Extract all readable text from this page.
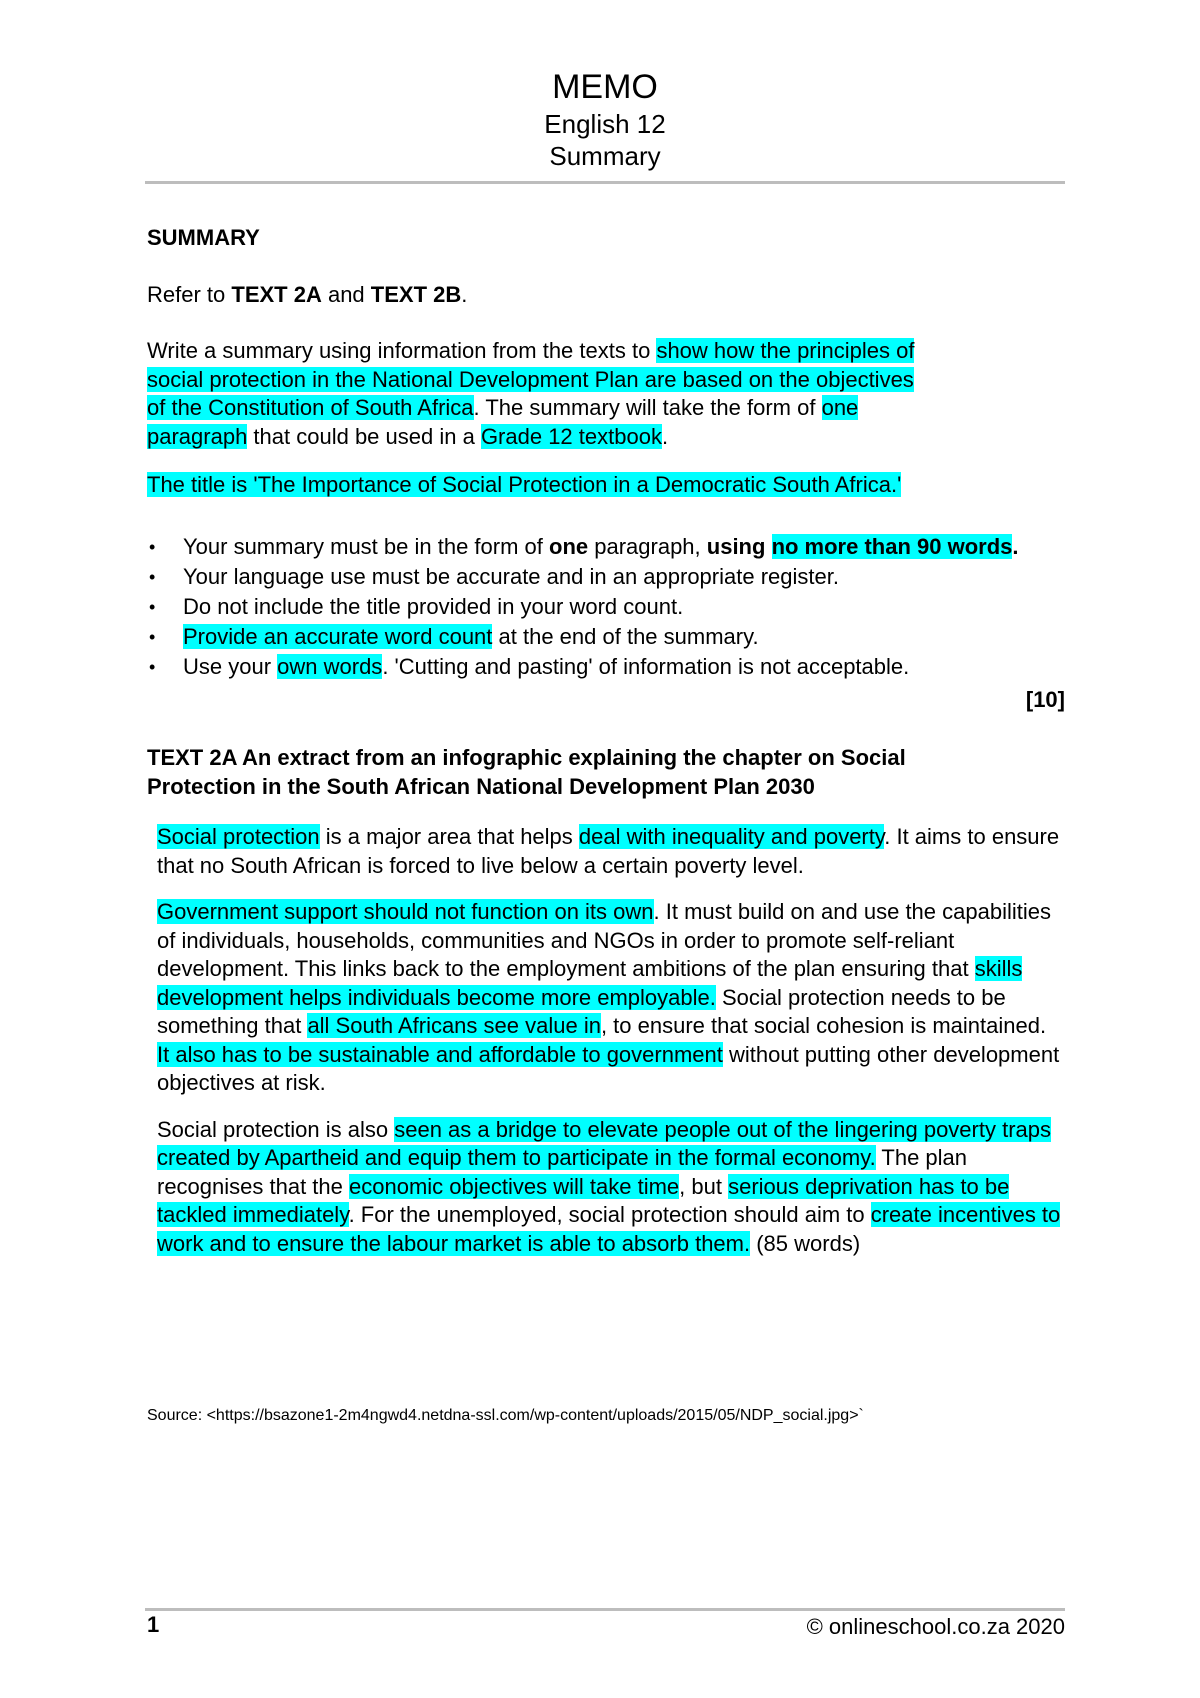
MEMO
English 12
Summary

SUMMARY

Refer to TEXT 2A and TEXT 2B.

Write a summary using information from the texts to show how the principles of social protection in the National Development Plan are based on the objectives of the Constitution of South Africa. The summary will take the form of one paragraph that could be used in a Grade 12 textbook.

The title is 'The Importance of Social Protection in a Democratic South Africa.'

• Your summary must be in the form of one paragraph, using no more than 90 words.
• Your language use must be accurate and in an appropriate register.
• Do not include the title provided in your word count.
• Provide an accurate word count at the end of the summary.
• Use your own words. 'Cutting and pasting' of information is not acceptable.

[10]

TEXT 2A An extract from an infographic explaining the chapter on Social Protection in the South African National Development Plan 2030

Social protection is a major area that helps deal with inequality and poverty. It aims to ensure that no South African is forced to live below a certain poverty level.

Government support should not function on its own. It must build on and use the capabilities of individuals, households, communities and NGOs in order to promote self-reliant development. This links back to the employment ambitions of the plan ensuring that skills development helps individuals become more employable. Social protection needs to be something that all South Africans see value in, to ensure that social cohesion is maintained. It also has to be sustainable and affordable to government without putting other development objectives at risk.

Social protection is also seen as a bridge to elevate people out of the lingering poverty traps created by Apartheid and equip them to participate in the formal economy. The plan recognises that the economic objectives will take time, but serious deprivation has to be tackled immediately. For the unemployed, social protection should aim to create incentives to work and to ensure the labour market is able to absorb them. (85 words)

Source: <https://bsazone1-2m4ngwd4.netdna-ssl.com/wp-content/uploads/2015/05/NDP_social.jpg>`
1	© onlineschool.co.za 2020
